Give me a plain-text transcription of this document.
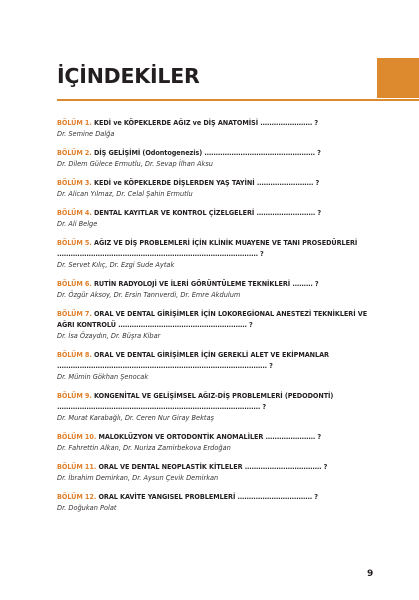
İÇİNDEKİLER

BÖLÜM 1. KEDİ ve KÖPEKLERDE AĞIZ ve DİŞ ANATOMİSİ ....................... ?

Dr. Semine Dalğa

BÖLÜM 2. DİŞ GELİŞİMİ (Odontogenezis) ................................................. ?

Dr. Dilem Gülece Ermutlu, Dr. Sevap İlhan Aksu

BÖLÜM 3. KEDİ ve KÖPEKLERDE DİŞLERDEN YAŞ TAYİNİ ......................... ?

Dr. Alican Yılmaz, Dr. Celal Şahin Ermutlu

BÖLÜM 4. DENTAL KAYITLAR VE KONTROL ÇİZELGELERİ .......................... ?

Dr. Ali Belge

BÖLÜM 5. AĞIZ VE DİŞ PROBLEMLERİ İÇİN KLİNİK MUAYENE VE TANI PROSEDÜRLERİ ......................................................................................... ?

Dr. Servet Kılıç, Dr. Ezgi Sude Aytak

BÖLÜM 6. RUTİN RADYOLOJİ VE İLERİ GÖRÜNTÜLEME TEKNİKLERİ ......... ?

Dr. Özgür Aksoy, Dr. Ersin Tanrıverdi, Dr. Emre Akdulum

BÖLÜM 7. ORAL VE DENTAL GİRİŞİMLER İÇİN LOKOREGİONAL ANESTEZİ TEKNİKLERİ VE AĞRI KONTROLÜ ......................................................... ?

Dr. İsa Özaydın, Dr. Büşra Kibar

BÖLÜM 8. ORAL VE DENTAL GİRİŞİMLER İÇİN GEREKLİ ALET VE EKİPMANLAR ............................................................................................. ?

Dr. Mümin Gökhan Şenocak

BÖLÜM 9. KONGENİTAL VE GELİŞİMSEL AĞIZ-DİŞ PROBLEMLERİ (PEDODONTİ) .......................................................................................... ?

Dr. Murat Karabağlı, Dr. Ceren Nur Giray Bektaş

BÖLÜM 10. MALOKLÜZYON VE ORTODONTİK ANOMALİLER ...................... ?

Dr. Fahrettin Alkan, Dr. Nuriza Zamirbekova Erdoğan

BÖLÜM 11. ORAL VE DENTAL NEOPLASTİK KİTLELER .................................. ?

Dr. İbrahim Demirkan, Dr. Aysun Çevik Demirkan

BÖLÜM 12. ORAL KAVİTE YANGISEL PROBLEMLERİ ................................. ?

Dr. Doğukan Polat

9
